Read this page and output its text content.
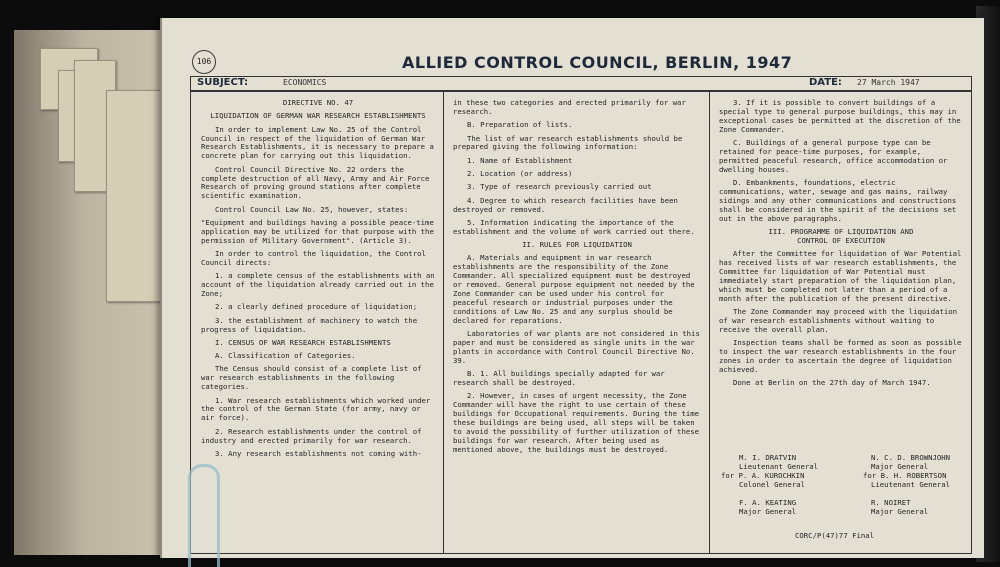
106	ALLIED CONTROL COUNCIL, BERLIN, 1947
SUBJECT:	ECONOMICS	DATE: 27 March 1947

DIRECTIVE NO. 47

LIQUIDATION OF GERMAN WAR RESEARCH ESTABLISHMENTS

In order to implement Law No. 25 of the Control Council in respect of the liquidation of German War Research Establishments, it is necessary to prepare a concrete plan for carrying out this liquidation.

Control Council Directive No. 22 orders the complete destruction of all Navy, Army and Air Force Research of proving ground stations after complete scientific examination.

Control Council Law No. 25, however, states:

"Equipment and buildings having a possible peace-time application may be utilized for that purpose with the permission of Military Government". (Article 3).

In order to control the liquidation, the Control Council directs:

1. a complete census of the establishments with an account of the liquidation already carried out in the Zone;

2. a clearly defined procedure of liquidation;

3. the establishment of machinery to watch the progress of liquidation.

I. CENSUS OF WAR RESEARCH ESTABLISHMENTS

A. Classification of Categories.

The Census should consist of a complete list of war research establishments in the following categories.

1. War research establishments which worked under the control of the German State (for army, navy or air force).

2. Research establishments under the control of industry and erected primarily for war research.

3. Any research establishments not coming with-

in these two categories and erected primarily for war research.

B. Preparation of lists.

The list of war research establishments should be prepared giving the following information:

1. Name of Establishment

2. Location (or address)

3. Type of research previously carried out

4. Degree to which research facilities have been destroyed or removed.

5. Information indicating the importance of the establishment and the volume of work carried out there.

II. RULES FOR LIQUIDATION

A. Materials and equipment in war research establishments are the responsibility of the Zone Commander. All specialized equipment must be destroyed or removed. General purpose equipment not needed by the Zone Commander can be used under his control for peaceful research or industrial purposes under the conditions of Law No. 25 and any surplus should be declared for reparations.

Laboratories of war plants are not considered in this paper and must be considered as single units in the war plants in accordance with Control Council Directive No. 39.

B. 1. All buildings specially adapted for war research shall be destroyed.

2. However, in cases of urgent necessity, the Zone Commander will have the right to use certain of these buildings for Occupational requirements. During the time these buildings are being used, all steps will be taken to avoid the possibility of further utilization of these buildings for war research. After being used as mentioned above, the buildings must be destroyed.

3. If it is possible to convert buildings of a special type to general purpose buildings, this may in exceptional cases be permitted at the discretion of the Zone Commander.

C. Buildings of a general purpose type can be retained for peace-time purposes, for example, permitted peaceful research, office accommodation or dwelling houses.

D. Embankments, foundations, electric communications, water, sewage and gas mains, railway sidings and any other communications and constructions shall be considered in the spirit of the decisions set out in the above paragraphs.

III. PROGRAMME OF LIQUIDATION AND

CONTROL OF EXECUTION

After the Committee for liquidation of War Potential has received lists of war research establishments, the Committee for liquidation of War Potential must immediately start preparation of the liquidation plan, which must be completed not later than a period of a month after the publication of the present directive.

The Zone Commander may proceed with the liquidation of war research establishments without waiting to receive the overall plan.

Inspection teams shall be formed as soon as possible to inspect the war research establishments in the four zones in order to ascertain the degree of liquidation achieved.

Done at Berlin on the 27th day of March 1947.

M. I. DRATVIN
Lieutenant General
for P. A. KUROCHKIN
Colonel General
F. A. KEATING
Major General
N. C. D. BROWNJOHN
Major General
for B. H. ROBERTSON
Lieutenant General
R. NOIRET
Major General
CORC/P(47)77 Final
